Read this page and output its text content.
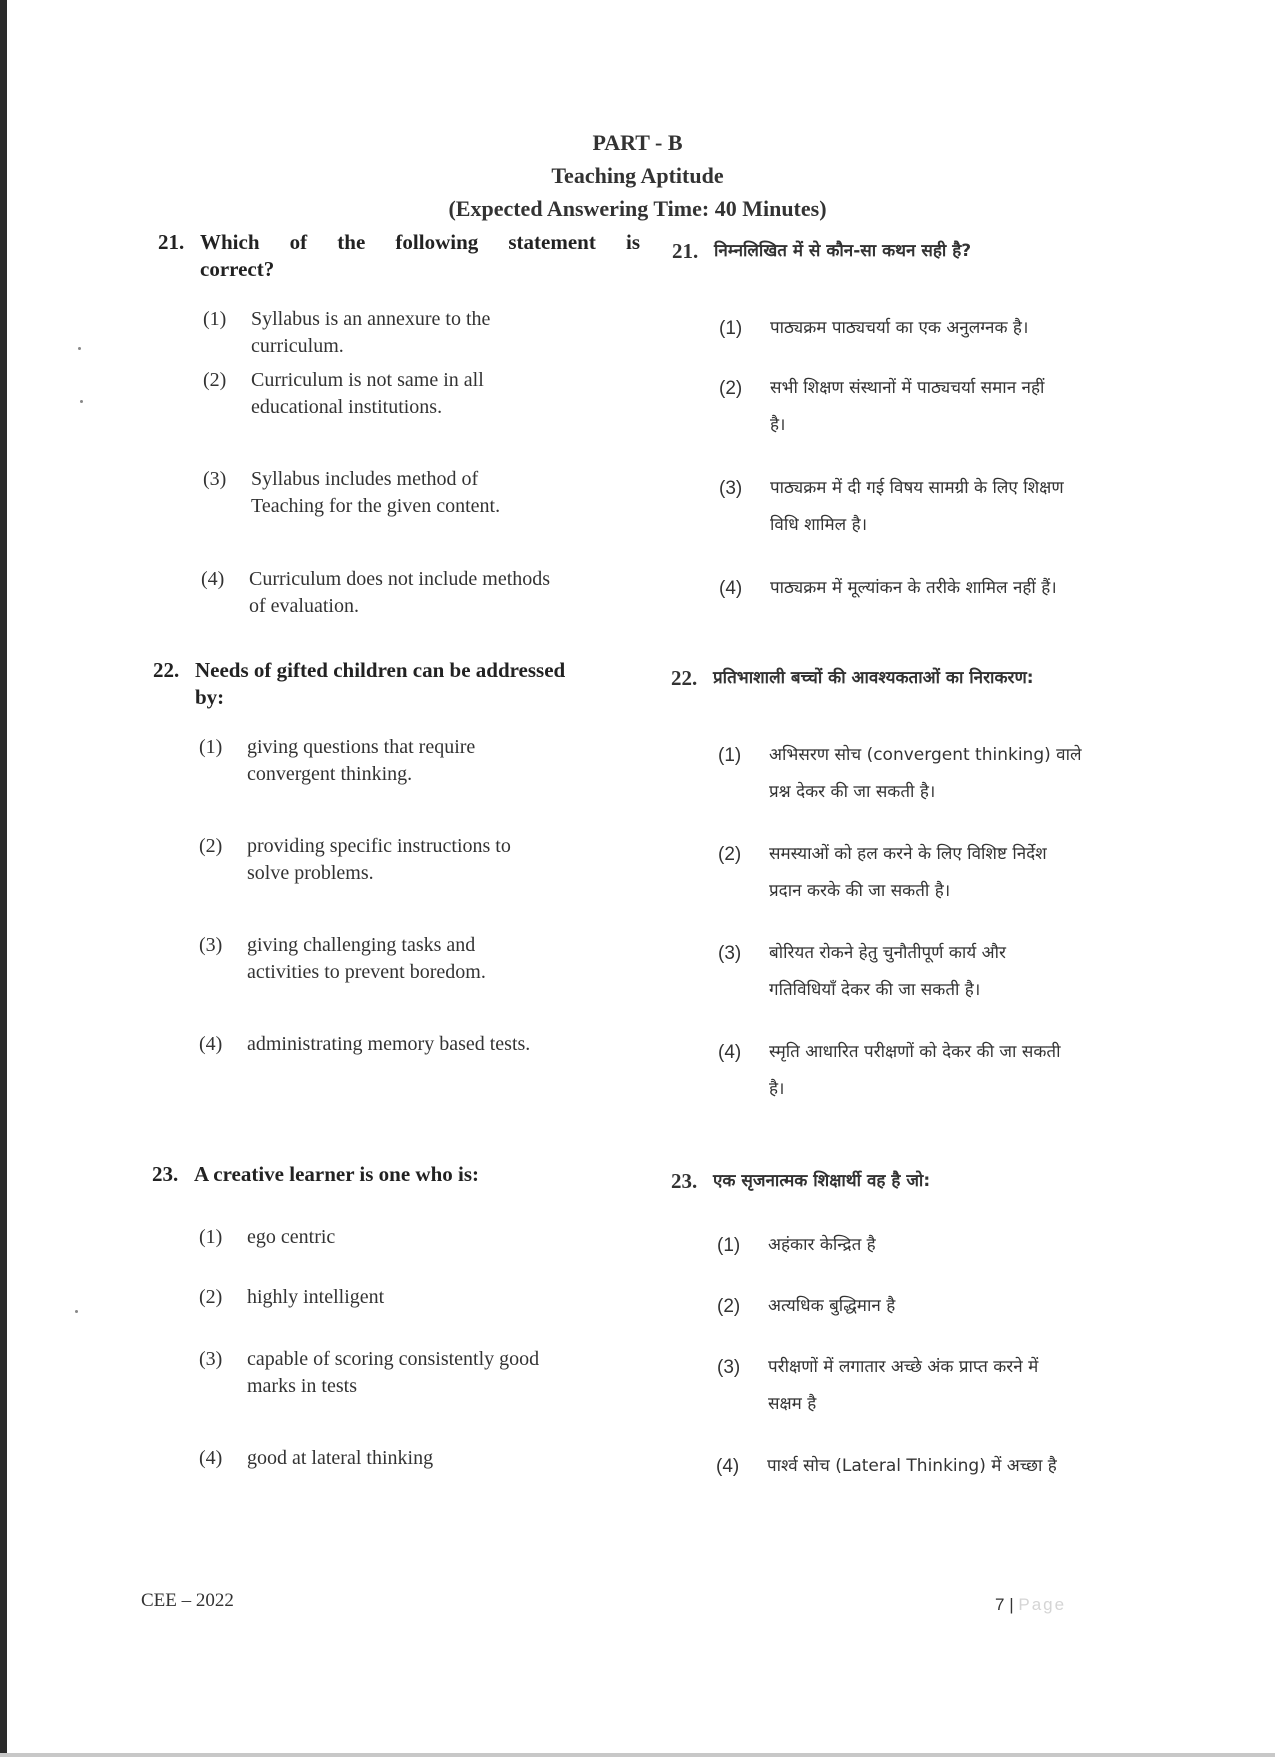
PART - B
Teaching Aptitude
(Expected Answering Time: 40 Minutes)
21. Which of the following statement is
correct?
(1) Syllabus is an annexure to the
curriculum.
(2) Curriculum is not same in all
educational institutions.
(3) Syllabus includes method of
Teaching for the given content.
(4) Curriculum does not include methods
of evaluation.
22. Needs of gifted children can be addressed
by:
(1) giving questions that require
convergent thinking.
(2) providing specific instructions to
solve problems.
(3) giving challenging tasks and
activities to prevent boredom.
(4) administrating memory based tests.
23. A creative learner is one who is:
(1) ego centric
(2) highly intelligent
(3) capable of scoring consistently good
marks in tests
(4) good at lateral thinking
21. निम्नलिखित में से कौन-सा कथन सही है?
(1) पाठ्यक्रम पाठ्यचर्या का एक अनुलग्नक है।
(2) सभी शिक्षण संस्थानों में पाठ्यचर्या समान नहीं
है।
(3) पाठ्यक्रम में दी गई विषय सामग्री के लिए शिक्षण
विधि शामिल है।
(4) पाठ्यक्रम में मूल्यांकन के तरीके शामिल नहीं हैं।
22. प्रतिभाशाली बच्चों की आवश्यकताओं का निराकरण:
(1) अभिसरण सोच (convergent thinking) वाले
प्रश्न देकर की जा सकती है।
(2) समस्याओं को हल करने के लिए विशिष्ट निर्देश
प्रदान करके की जा सकती है।
(3) बोरियत रोकने हेतु चुनौतीपूर्ण कार्य और
गतिविधियाँ देकर की जा सकती है।
(4) स्मृति आधारित परीक्षणों को देकर की जा सकती
है।
23. एक सृजनात्मक शिक्षार्थी वह है जो:
(1) अहंकार केन्द्रित है
(2) अत्यधिक बुद्धिमान है
(3) परीक्षणों में लगातार अच्छे अंक प्राप्त करने में
सक्षम है
(4) पार्श्व सोच (Lateral Thinking) में अच्छा है
CEE – 2022	7 | Page
